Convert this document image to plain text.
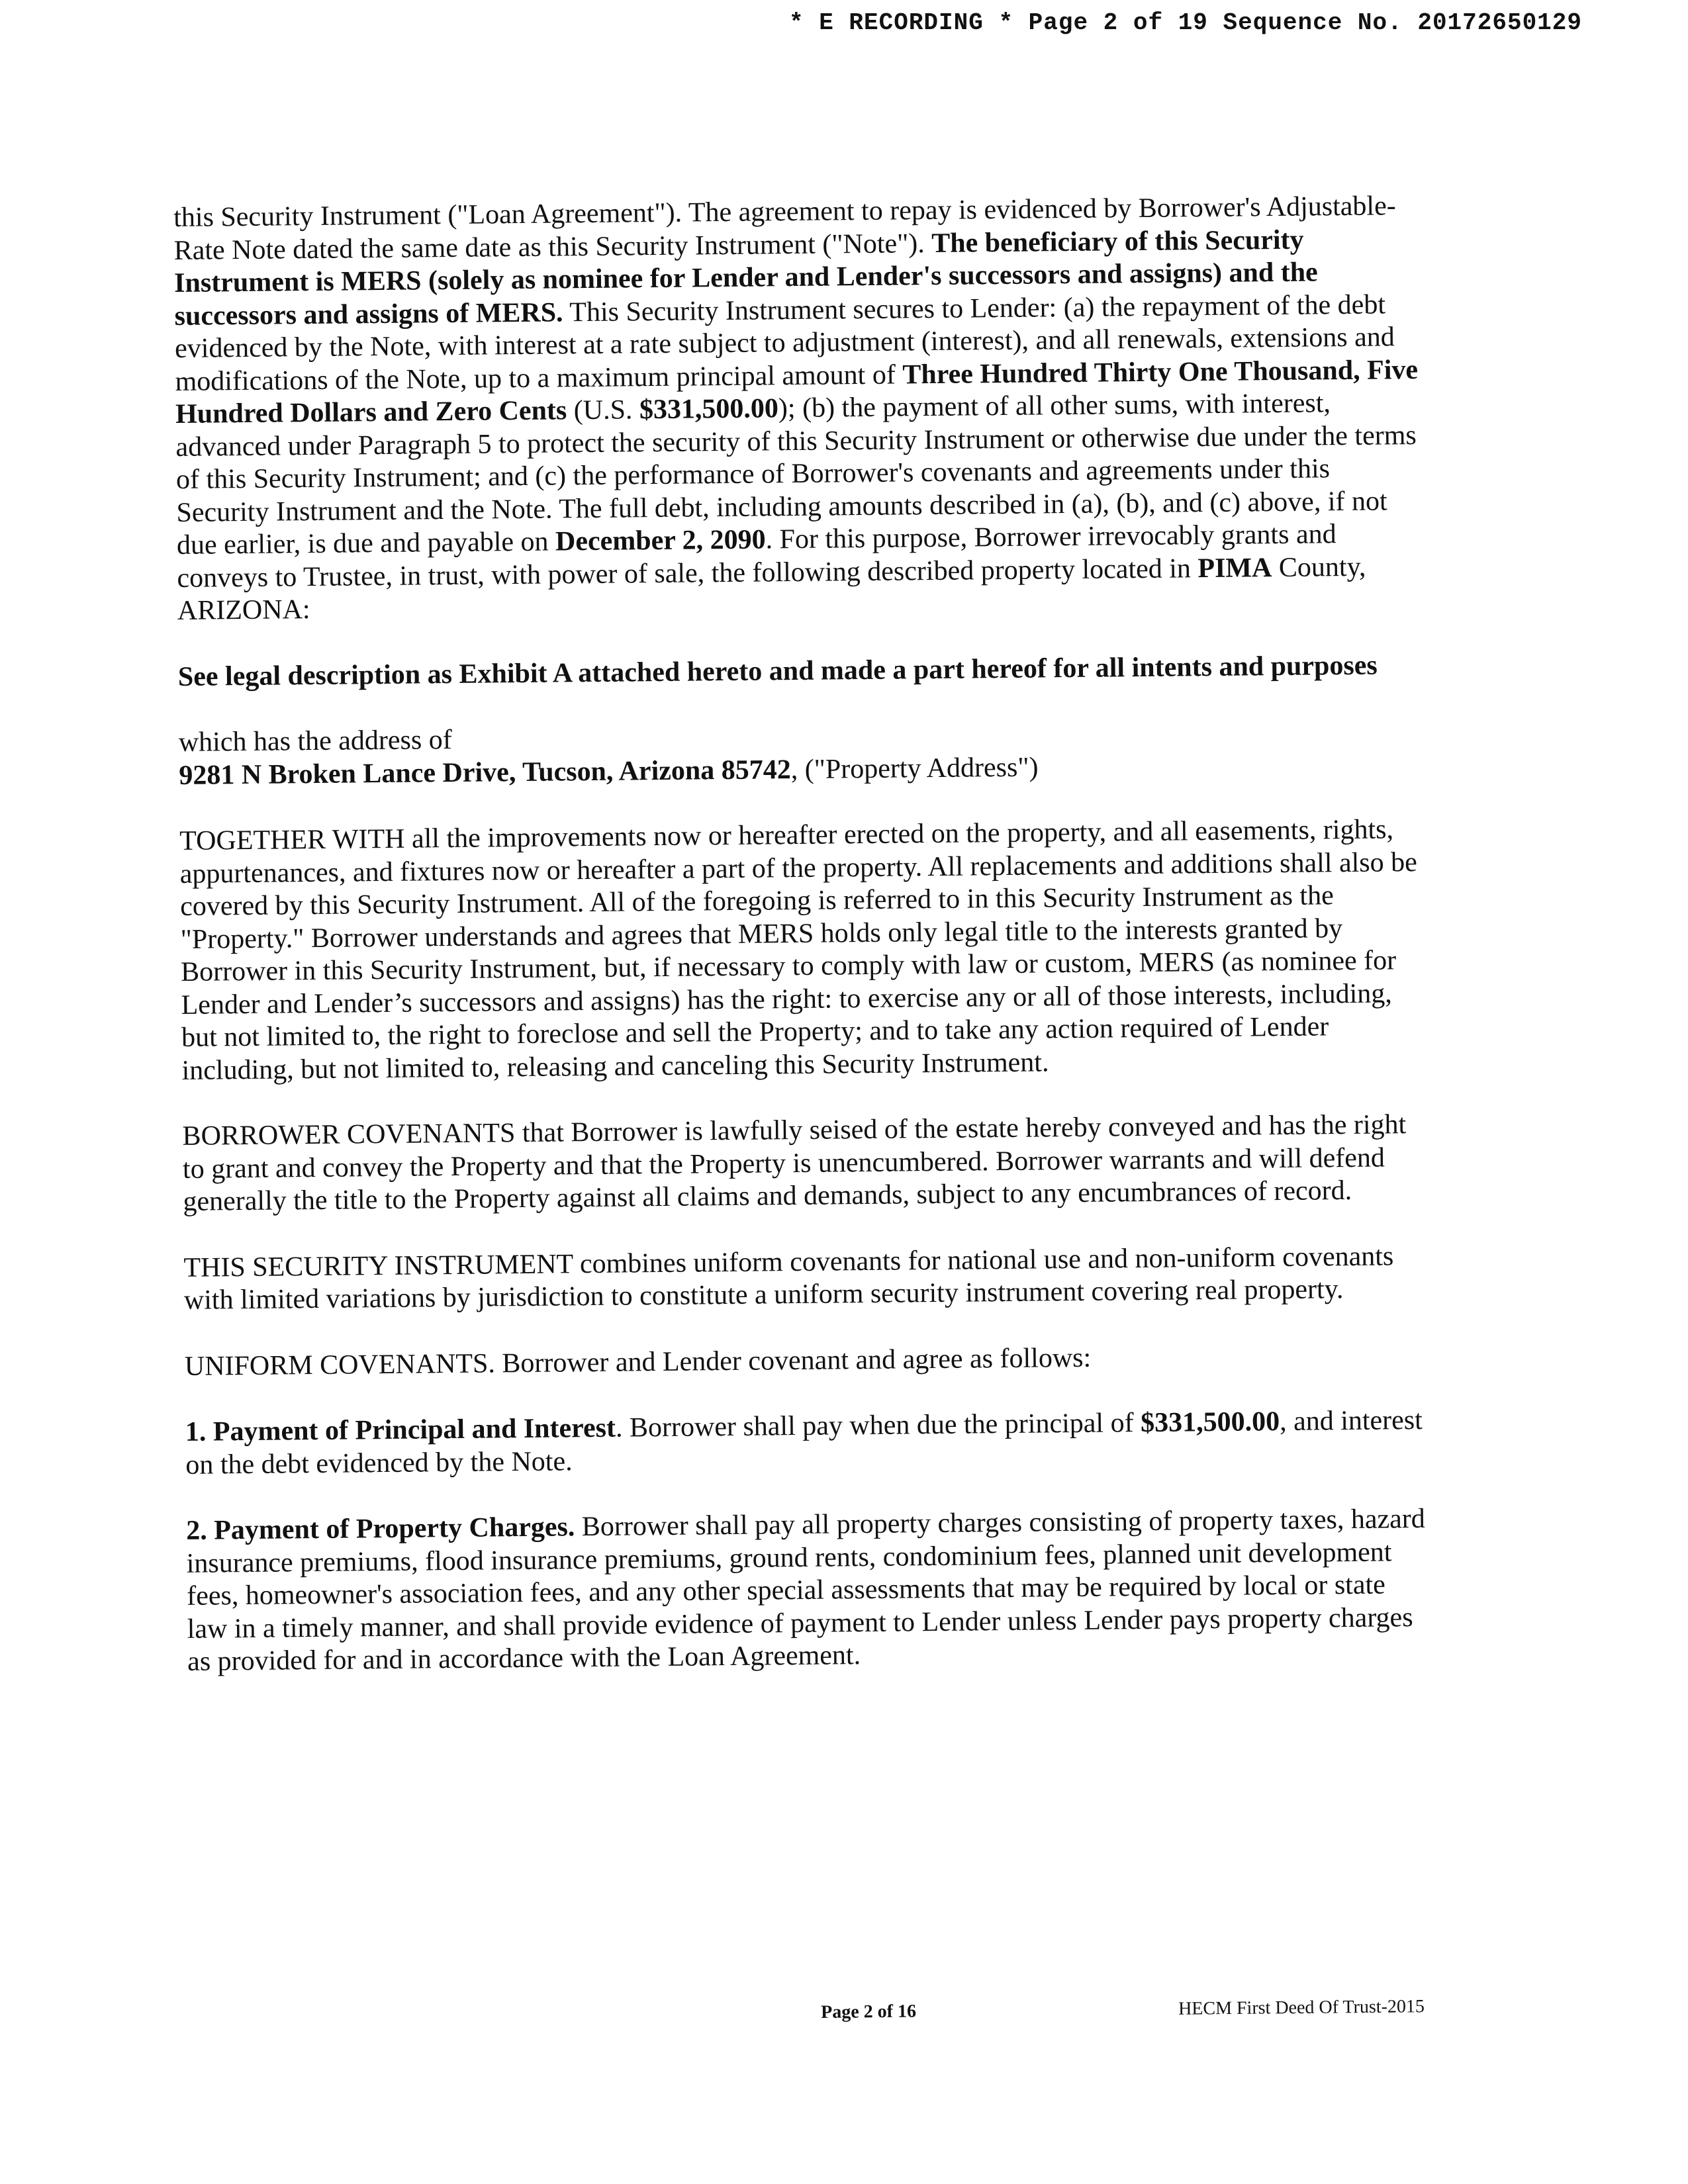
* E RECORDING * Page 2 of 19 Sequence No. 20172650129

this Security Instrument ("Loan Agreement"). The agreement to repay is evidenced by Borrower's Adjustable-Rate Note dated the same date as this Security Instrument ("Note"). The beneficiary of this Security Instrument is MERS (solely as nominee for Lender and Lender's successors and assigns) and the successors and assigns of MERS. This Security Instrument secures to Lender: (a) the repayment of the debt evidenced by the Note, with interest at a rate subject to adjustment (interest), and all renewals, extensions and modifications of the Note, up to a maximum principal amount of Three Hundred Thirty One Thousand, Five Hundred Dollars and Zero Cents (U.S. $331,500.00); (b) the payment of all other sums, with interest, advanced under Paragraph 5 to protect the security of this Security Instrument or otherwise due under the terms of this Security Instrument; and (c) the performance of Borrower's covenants and agreements under this Security Instrument and the Note. The full debt, including amounts described in (a), (b), and (c) above, if not due earlier, is due and payable on December 2, 2090. For this purpose, Borrower irrevocably grants and conveys to Trustee, in trust, with power of sale, the following described property located in PIMA County, ARIZONA:

See legal description as Exhibit A attached hereto and made a part hereof for all intents and purposes

which has the address of

9281 N Broken Lance Drive, Tucson, Arizona 85742, ("Property Address")

TOGETHER WITH all the improvements now or hereafter erected on the property, and all easements, rights, appurtenances, and fixtures now or hereafter a part of the property. All replacements and additions shall also be covered by this Security Instrument. All of the foregoing is referred to in this Security Instrument as the "Property." Borrower understands and agrees that MERS holds only legal title to the interests granted by Borrower in this Security Instrument, but, if necessary to comply with law or custom, MERS (as nominee for Lender and Lender’s successors and assigns) has the right: to exercise any or all of those interests, including, but not limited to, the right to foreclose and sell the Property; and to take any action required of Lender including, but not limited to, releasing and canceling this Security Instrument.

BORROWER COVENANTS that Borrower is lawfully seised of the estate hereby conveyed and has the right to grant and convey the Property and that the Property is unencumbered. Borrower warrants and will defend generally the title to the Property against all claims and demands, subject to any encumbrances of record.

THIS SECURITY INSTRUMENT combines uniform covenants for national use and non-uniform covenants with limited variations by jurisdiction to constitute a uniform security instrument covering real property.

UNIFORM COVENANTS. Borrower and Lender covenant and agree as follows:

1. Payment of Principal and Interest. Borrower shall pay when due the principal of $331,500.00, and interest on the debt evidenced by the Note.

2. Payment of Property Charges. Borrower shall pay all property charges consisting of property taxes, hazard insurance premiums, flood insurance premiums, ground rents, condominium fees, planned unit development fees, homeowner's association fees, and any other special assessments that may be required by local or state law in a timely manner, and shall provide evidence of payment to Lender unless Lender pays property charges as provided for and in accordance with the Loan Agreement.

Page 2 of 16	HECM First Deed Of Trust-2015
